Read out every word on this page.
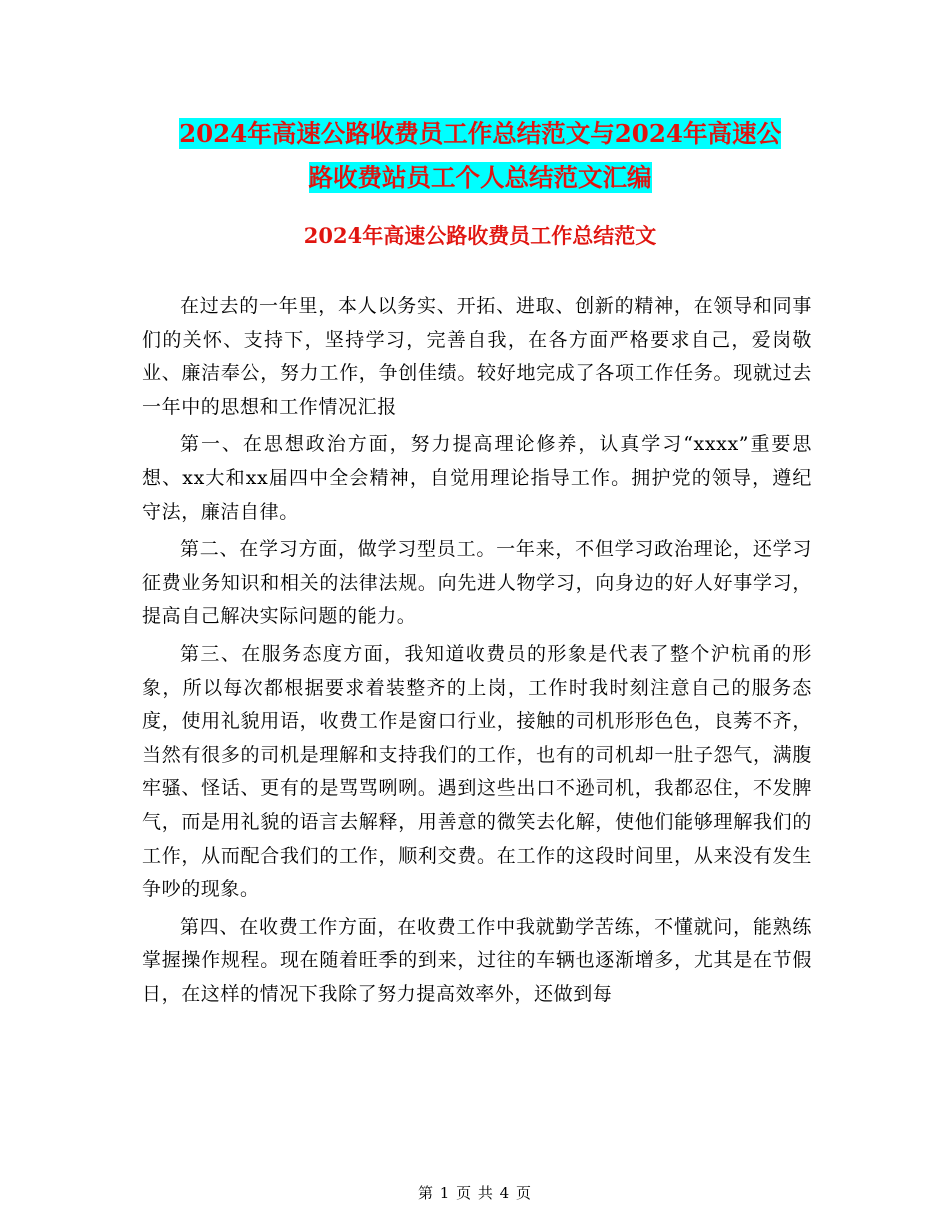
2024年高速公路收费员工作总结范文与2024年高速公
路收费站员工个人总结范文汇编
2024年高速公路收费员工作总结范文

在过去的一年里，本人以务实、开拓、进取、创新的精神，在领导和同事们的关怀、支持下，坚持学习，完善自我，在各方面严格要求自己，爱岗敬业、廉洁奉公，努力工作，争创佳绩。较好地完成了各项工作任务。现就过去一年中的思想和工作情况汇报

第一、在思想政治方面，努力提高理论修养，认真学习“xxxx”重要思想、xx大和xx届四中全会精神，自觉用理论指导工作。拥护党的领导，遵纪守法，廉洁自律。

第二、在学习方面，做学习型员工。一年来，不但学习政治理论，还学习征费业务知识和相关的法律法规。向先进人物学习，向身边的好人好事学习，提高自己解决实际问题的能力。

第三、在服务态度方面，我知道收费员的形象是代表了整个沪杭甬的形象，所以每次都根据要求着装整齐的上岗，工作时我时刻注意自己的服务态度，使用礼貌用语，收费工作是窗口行业，接触的司机形形色色，良莠不齐，当然有很多的司机是理解和支持我们的工作，也有的司机却一肚子怨气，满腹牢骚、怪话、更有的是骂骂咧咧。遇到这些出口不逊司机，我都忍住，不发脾气，而是用礼貌的语言去解释，用善意的微笑去化解，使他们能够理解我们的工作，从而配合我们的工作，顺利交费。在工作的这段时间里，从来没有发生争吵的现象。

第四、在收费工作方面，在收费工作中我就勤学苦练，不懂就问，能熟练掌握操作规程。现在随着旺季的到来，过往的车辆也逐渐增多，尤其是在节假日，在这样的情况下我除了努力提高效率外，还做到每

第 1 页 共 4 页
